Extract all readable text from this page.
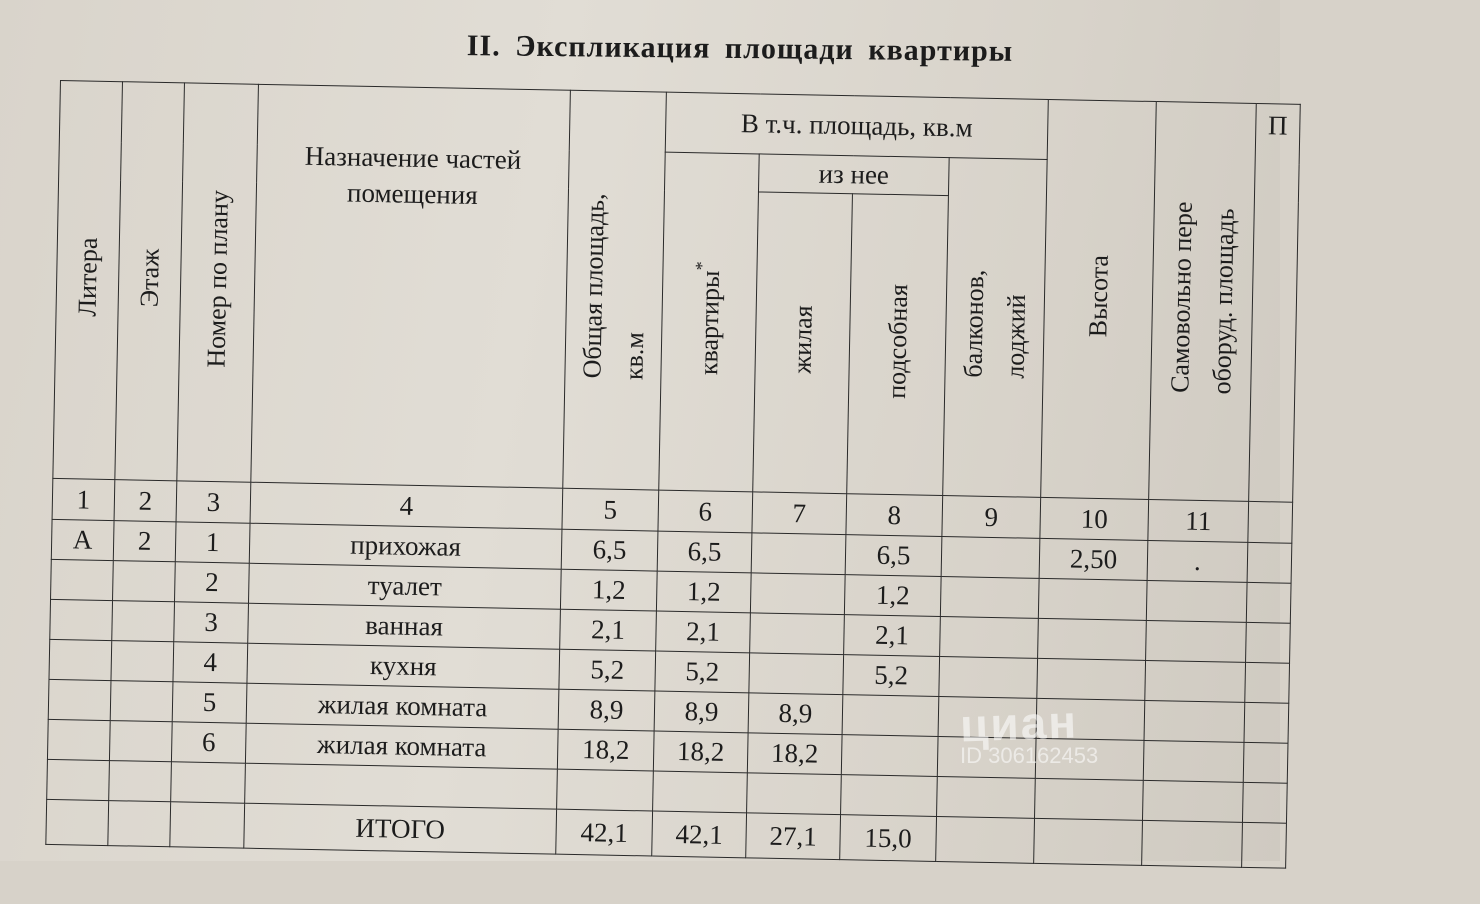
II. Экспликация площади квартиры
Литера	Этаж	Номер по плану	Назначение частей помещения	Общая площадь, кв.м	В т.ч. площадь, кв.м				Высота	Самовольно пере оборуд. площадь	П
					квартиры*	из нее		балконов, лоджий			
						жилая	подсобная				
1	2	3	4	5	6	7	8	9	10	11	
А	2	1	прихожая	6,5	6,5		6,5		2,50	.	
		2	туалет	1,2	1,2		1,2				
		3	ванная	2,1	2,1		2,1				
		4	кухня	5,2	5,2		5,2				
		5	жилая комната	8,9	8,9	8,9					
		6	жилая комната	18,2	18,2	18,2					

			ИТОГО	42,1	42,1	27,1	15,0				
циан
ID 306162453
